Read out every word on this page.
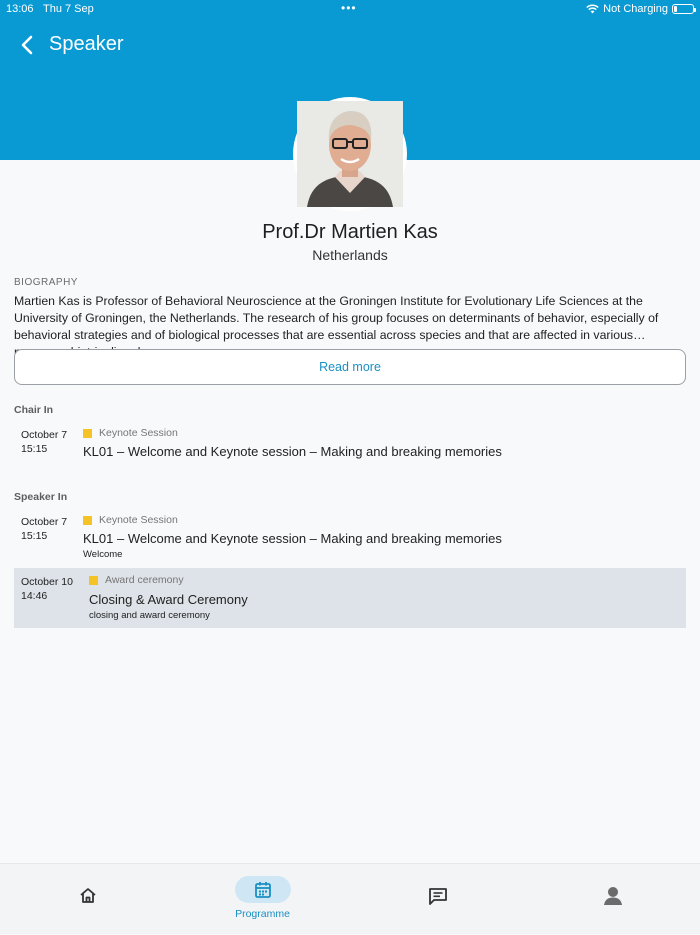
13:06 Thu 7 Sep	•••	Not Charging
Speaker
Prof.Dr Martien Kas
Netherlands
BIOGRAPHY
Martien Kas is Professor of Behavioral Neuroscience at the Groningen Institute for Evolutionary Life Sciences at the University of Groningen, the Netherlands. The research of his group focuses on determinants of behavior, especially of behavioral strategies and of biological processes that are essential across species and that are affected in various
Read more
Chair In
October 7
15:15
Keynote Session
KL01 – Welcome and Keynote session – Making and breaking memories
Speaker In
October 7
15:15
Keynote Session
KL01 – Welcome and Keynote session – Making and breaking memories
Welcome
October 10
14:46
Award ceremony
Closing & Award Ceremony
closing and award ceremony
Programme
